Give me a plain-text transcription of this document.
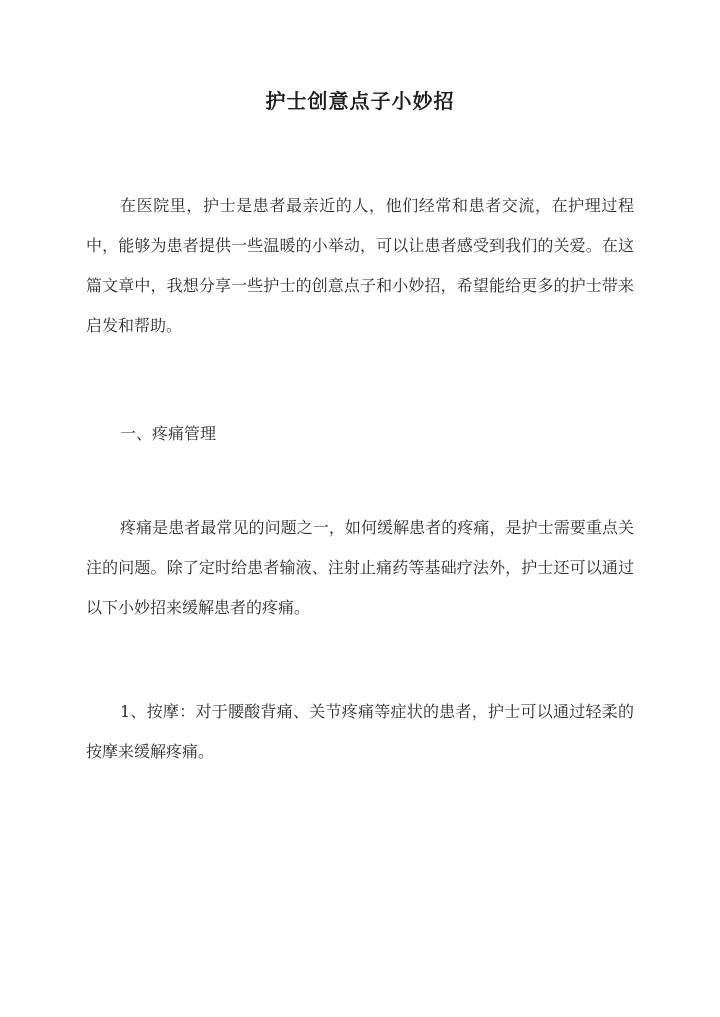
护士创意点子小妙招

在医院里，护士是患者最亲近的人，他们经常和患者交流，在护理过程中，能够为患者提供一些温暖的小举动，可以让患者感受到我们的关爱。在这篇文章中，我想分享一些护士的创意点子和小妙招，希望能给更多的护士带来启发和帮助。

一、疼痛管理

疼痛是患者最常见的问题之一，如何缓解患者的疼痛，是护士需要重点关注的问题。除了定时给患者输液、注射止痛药等基础疗法外，护士还可以通过以下小妙招来缓解患者的疼痛。

1、按摩：对于腰酸背痛、关节疼痛等症状的患者，护士可以通过轻柔的按摩来缓解疼痛。
